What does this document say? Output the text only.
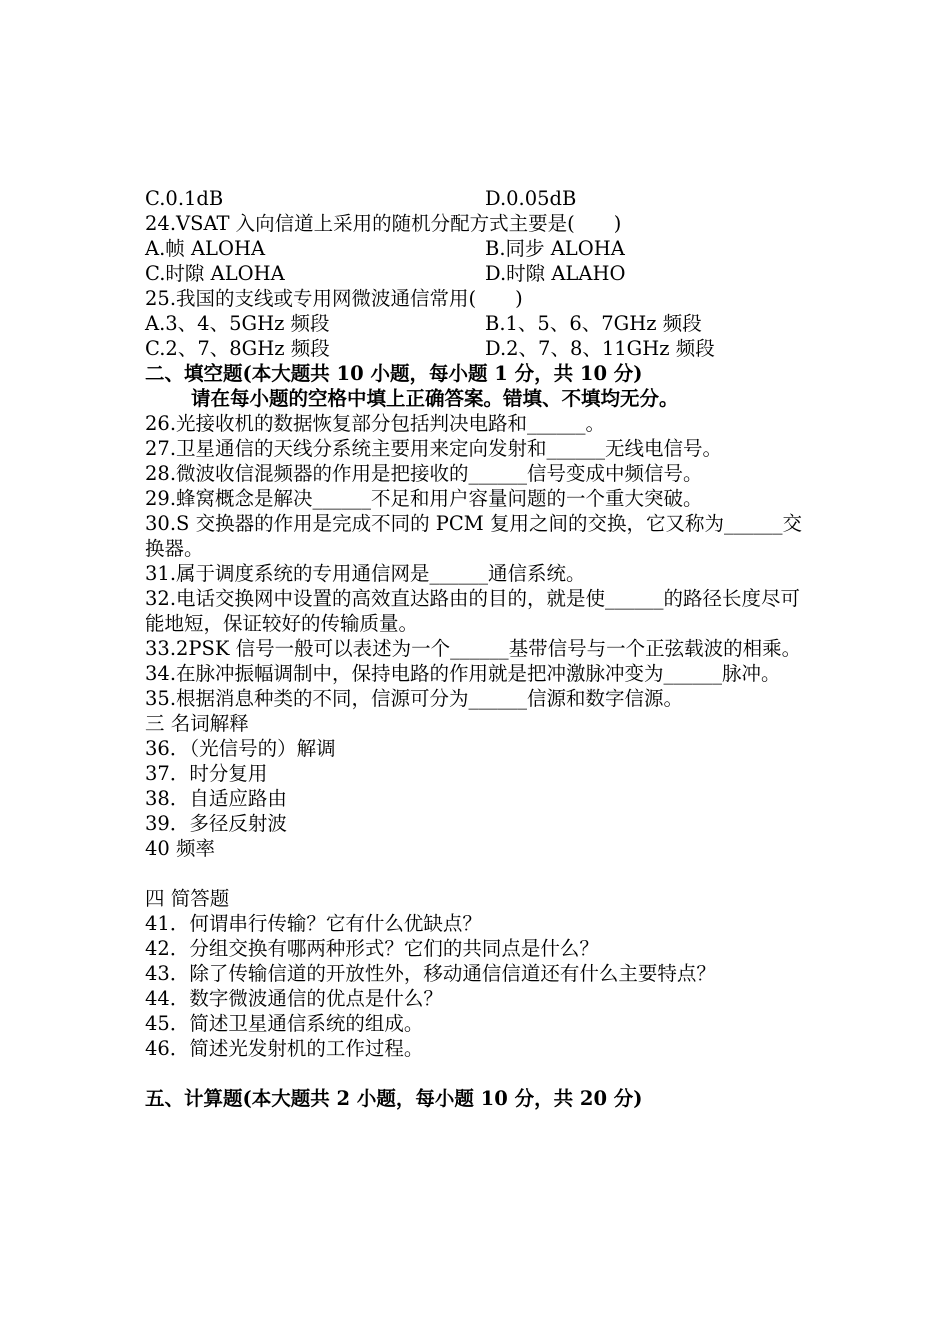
C.0.1dB	D.0.05dB
24.VSAT 入向信道上采用的随机分配方式主要是(　　)
A.帧 ALOHA	B.同步 ALOHA
C.时隙 ALOHA	D.时隙 ALAHO
25.我国的支线或专用网微波通信常用(　　)
A.3、4、5GHz 频段	B.1、5、6、7GHz 频段
C.2、7、8GHz 频段	D.2、7、8、11GHz 频段
二、填空题(本大题共 10 小题，每小题 1 分，共 10 分)
请在每小题的空格中填上正确答案。错填、不填均无分。
26.光接收机的数据恢复部分包括判决电路和______。
27.卫星通信的天线分系统主要用来定向发射和______无线电信号。
28.微波收信混频器的作用是把接收的______信号变成中频信号。
29.蜂窝概念是解决______不足和用户容量问题的一个重大突破。
30.S 交换器的作用是完成不同的 PCM 复用之间的交换，它又称为______交换器。
31.属于调度系统的专用通信网是______通信系统。
32.电话交换网中设置的高效直达路由的目的，就是使______的路径长度尽可能地短，保证较好的传输质量。
33.2PSK 信号一般可以表述为一个______基带信号与一个正弦载波的相乘。
34.在脉冲振幅调制中，保持电路的作用就是把冲激脉冲变为______脉冲。
35.根据消息种类的不同，信源可分为______信源和数字信源。
三 名词解释
36．（光信号的）解调
37．时分复用
38．自适应路由
39．多径反射波
40 频率
四 简答题
41．何谓串行传输？它有什么优缺点？
42．分组交换有哪两种形式？它们的共同点是什么？
43．除了传输信道的开放性外，移动通信信道还有什么主要特点？
44．数字微波通信的优点是什么？
45．简述卫星通信系统的组成。
46．简述光发射机的工作过程。
五、计算题(本大题共 2 小题，每小题 10 分，共 20 分)
